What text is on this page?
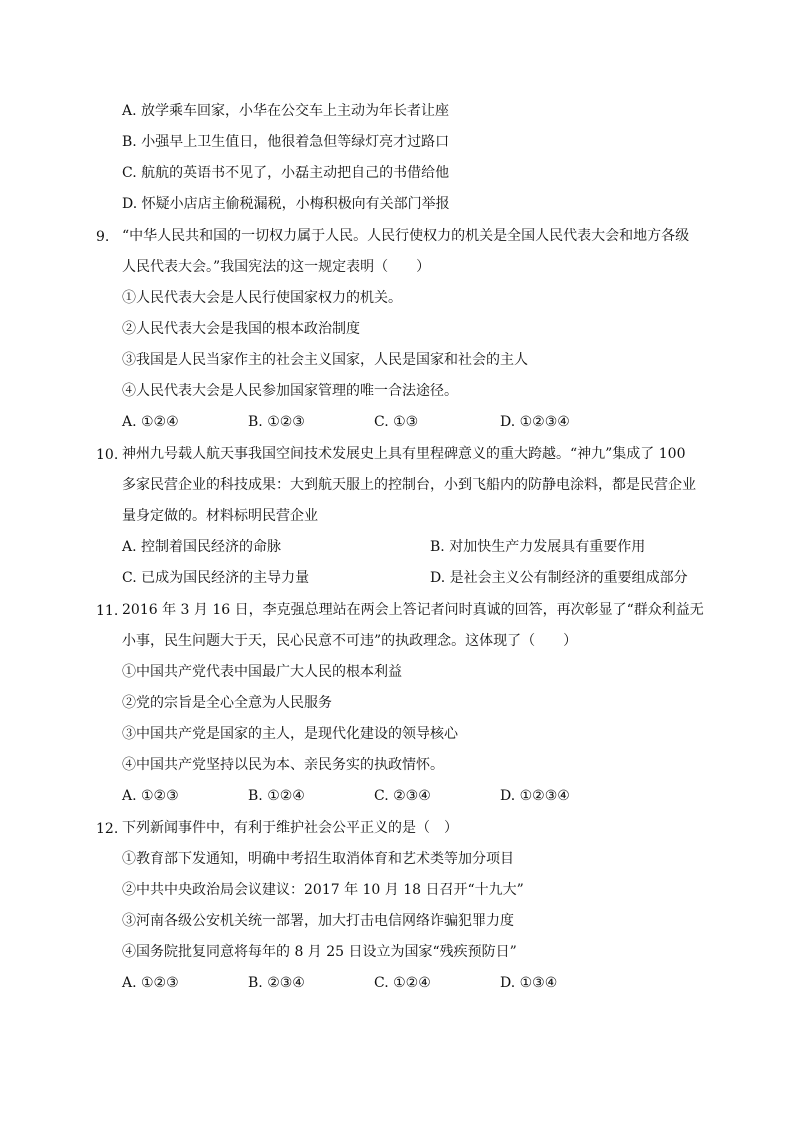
A. 放学乘车回家，小华在公交车上主动为年长者让座
B. 小强早上卫生值日，他很着急但等绿灯亮才过路口
C. 航航的英语书不见了，小磊主动把自己的书借给他
D. 怀疑小店店主偷税漏税，小梅积极向有关部门举报
9. “中华人民共和国的一切权力属于人民。人民行使权力的机关是全国人民代表大会和地方各级
人民代表大会。”我国宪法的这一规定表明（　　）
①人民代表大会是人民行使国家权力的机关。
②人民代表大会是我国的根本政治制度
③我国是人民当家作主的社会主义国家，人民是国家和社会的主人
④人民代表大会是人民参加国家管理的唯一合法途径。
A. ①②④	B. ①②③	C. ①③	D. ①②③④
10. 神州九号载人航天事我国空间技术发展史上具有里程碑意义的重大跨越。“神九”集成了 100
多家民营企业的科技成果：大到航天服上的控制台，小到飞船内的防静电涂料，都是民营企业
量身定做的。材料标明民营企业
A. 控制着国民经济的命脉	B. 对加快生产力发展具有重要作用
C. 已成为国民经济的主导力量	D. 是社会主义公有制经济的重要组成部分
11. 2016 年 3 月 16 日，李克强总理站在两会上答记者问时真诚的回答，再次彰显了“群众利益无
小事，民生问题大于天，民心民意不可违”的执政理念。这体现了（　　）
①中国共产党代表中国最广大人民的根本利益
②党的宗旨是全心全意为人民服务
③中国共产党是国家的主人，是现代化建设的领导核心
④中国共产党坚持以民为本、亲民务实的执政情怀。
A. ①②③	B. ①②④	C. ②③④	D. ①②③④
12. 下列新闻事件中，有利于维护社会公平正义的是（　）
①教育部下发通知，明确中考招生取消体育和艺术类等加分项目
②中共中央政治局会议建议：2017 年 10 月 18 日召开“十九大”
③河南各级公安机关统一部署，加大打击电信网络诈骗犯罪力度
④国务院批复同意将每年的 8 月 25 日设立为国家“残疾预防日”
A. ①②③	B. ②③④	C. ①②④	D. ①③④
